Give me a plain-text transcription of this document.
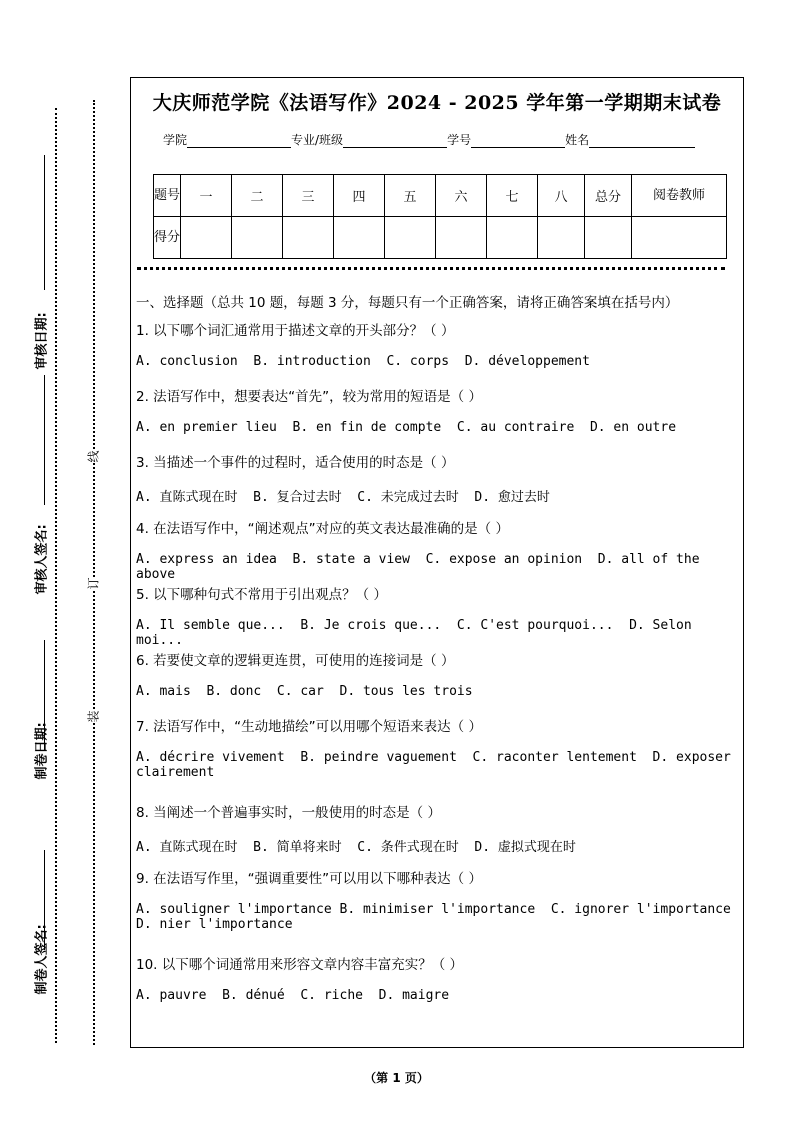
审核日期:
审核人签名:
制卷日期:
制卷人签名:
线
订
装
大庆师范学院《法语写作》2024 - 2025 学年第一学期期末试卷
学院	专业/班级	学号	姓名
题号	一	二	三	四	五	六	七	八	总分	阅卷教师
得分										
一、选择题（总共 10 题，每题 3 分，每题只有一个正确答案，请将正确答案填在括号内）
1. 以下哪个词汇通常用于描述文章的开头部分？（ ）
A. conclusion  B. introduction  C. corps  D. développement
2. 法语写作中，想要表达“首先”，较为常用的短语是（ ）
A. en premier lieu  B. en fin de compte  C. au contraire  D. en outre
3. 当描述一个事件的过程时，适合使用的时态是（ ）
A. 直陈式现在时  B. 复合过去时  C. 未完成过去时  D. 愈过去时
4. 在法语写作中，“阐述观点”对应的英文表达最准确的是（ ）
A. express an idea  B. state a view  C. expose an opinion  D. all of the above
5. 以下哪种句式不常用于引出观点？（ ）
A. Il semble que...  B. Je crois que...  C. C'est pourquoi...  D. Selon moi...
6. 若要使文章的逻辑更连贯，可使用的连接词是（ ）
A. mais  B. donc  C. car  D. tous les trois
7. 法语写作中，“生动地描绘”可以用哪个短语来表达（ ）
A. décrire vivement  B. peindre vaguement  C. raconter lentement  D. exposer clairement
8. 当阐述一个普遍事实时，一般使用的时态是（ ）
A. 直陈式现在时  B. 简单将来时  C. 条件式现在时  D. 虚拟式现在时
9. 在法语写作里，“强调重要性”可以用以下哪种表达（ ）
A. souligner l'importance B. minimiser l'importance  C. ignorer l'importance D. nier l'importance
10. 以下哪个词通常用来形容文章内容丰富充实？（ ）
A. pauvre  B. dénué  C. riche  D. maigre
（第 1 页）
